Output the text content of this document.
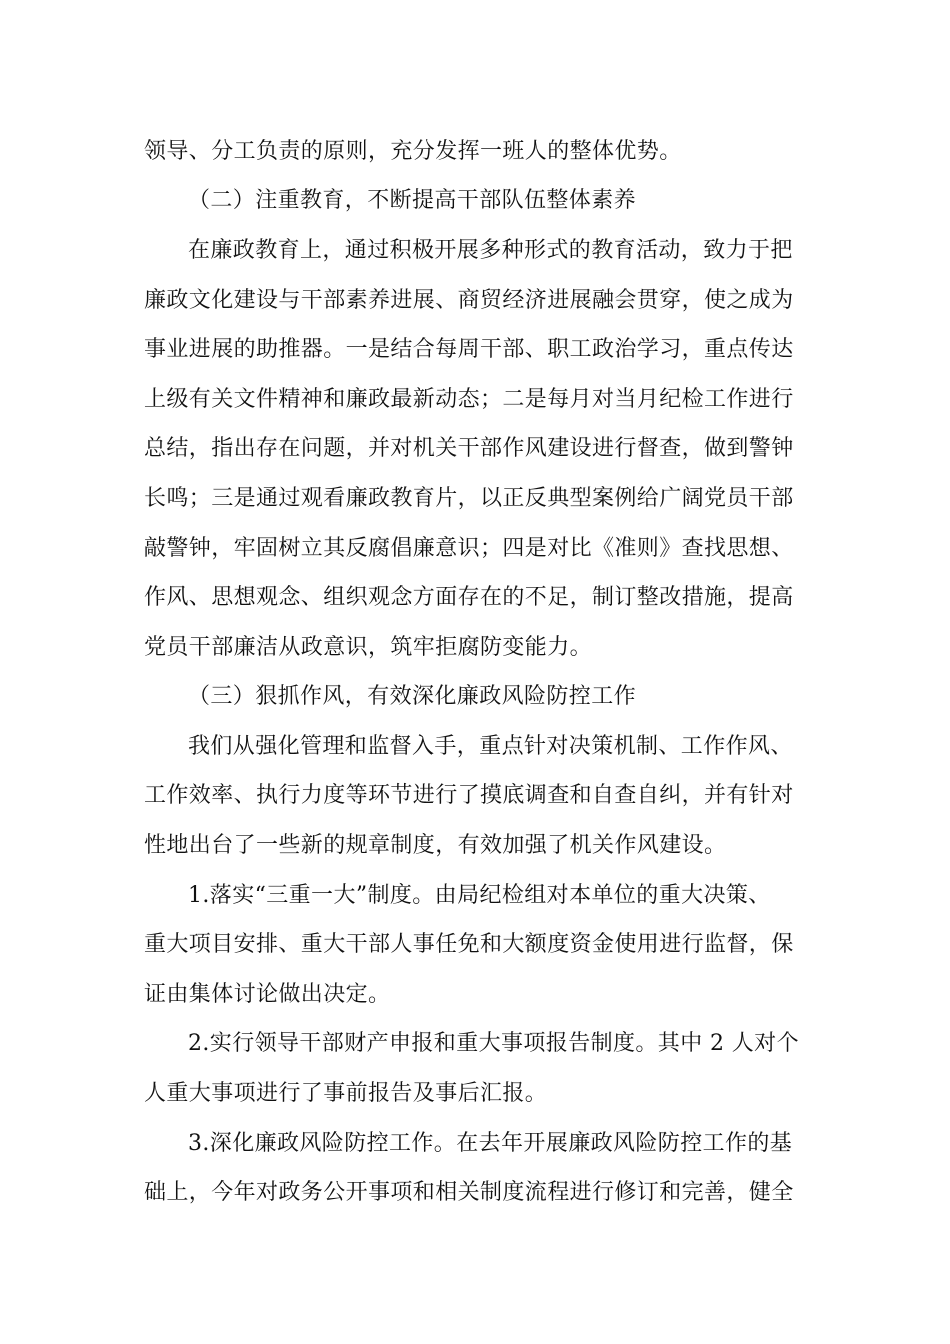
领导、分工负责的原则，充分发挥一班人的整体优势。
（二）注重教育，不断提高干部队伍整体素养
在廉政教育上，通过积极开展多种形式的教育活动，致力于把
廉政文化建设与干部素养进展、商贸经济进展融会贯穿，使之成为
事业进展的助推器。一是结合每周干部、职工政治学习，重点传达
上级有关文件精神和廉政最新动态；二是每月对当月纪检工作进行
总结，指出存在问题，并对机关干部作风建设进行督查，做到警钟
长鸣；三是通过观看廉政教育片，以正反典型案例给广阔党员干部
敲警钟，牢固树立其反腐倡廉意识；四是对比《准则》查找思想、
作风、思想观念、组织观念方面存在的不足，制订整改措施，提高
党员干部廉洁从政意识，筑牢拒腐防变能力。
（三）狠抓作风，有效深化廉政风险防控工作
我们从强化管理和监督入手，重点针对决策机制、工作作风、
工作效率、执行力度等环节进行了摸底调查和自查自纠，并有针对
性地出台了一些新的规章制度，有效加强了机关作风建设。
1.落实“三重一大”制度。由局纪检组对本单位的重大决策、
重大项目安排、重大干部人事任免和大额度资金使用进行监督，保
证由集体讨论做出决定。
2.实行领导干部财产申报和重大事项报告制度。其中 2 人对个
人重大事项进行了事前报告及事后汇报。
3.深化廉政风险防控工作。在去年开展廉政风险防控工作的基
础上，今年对政务公开事项和相关制度流程进行修订和完善，健全
